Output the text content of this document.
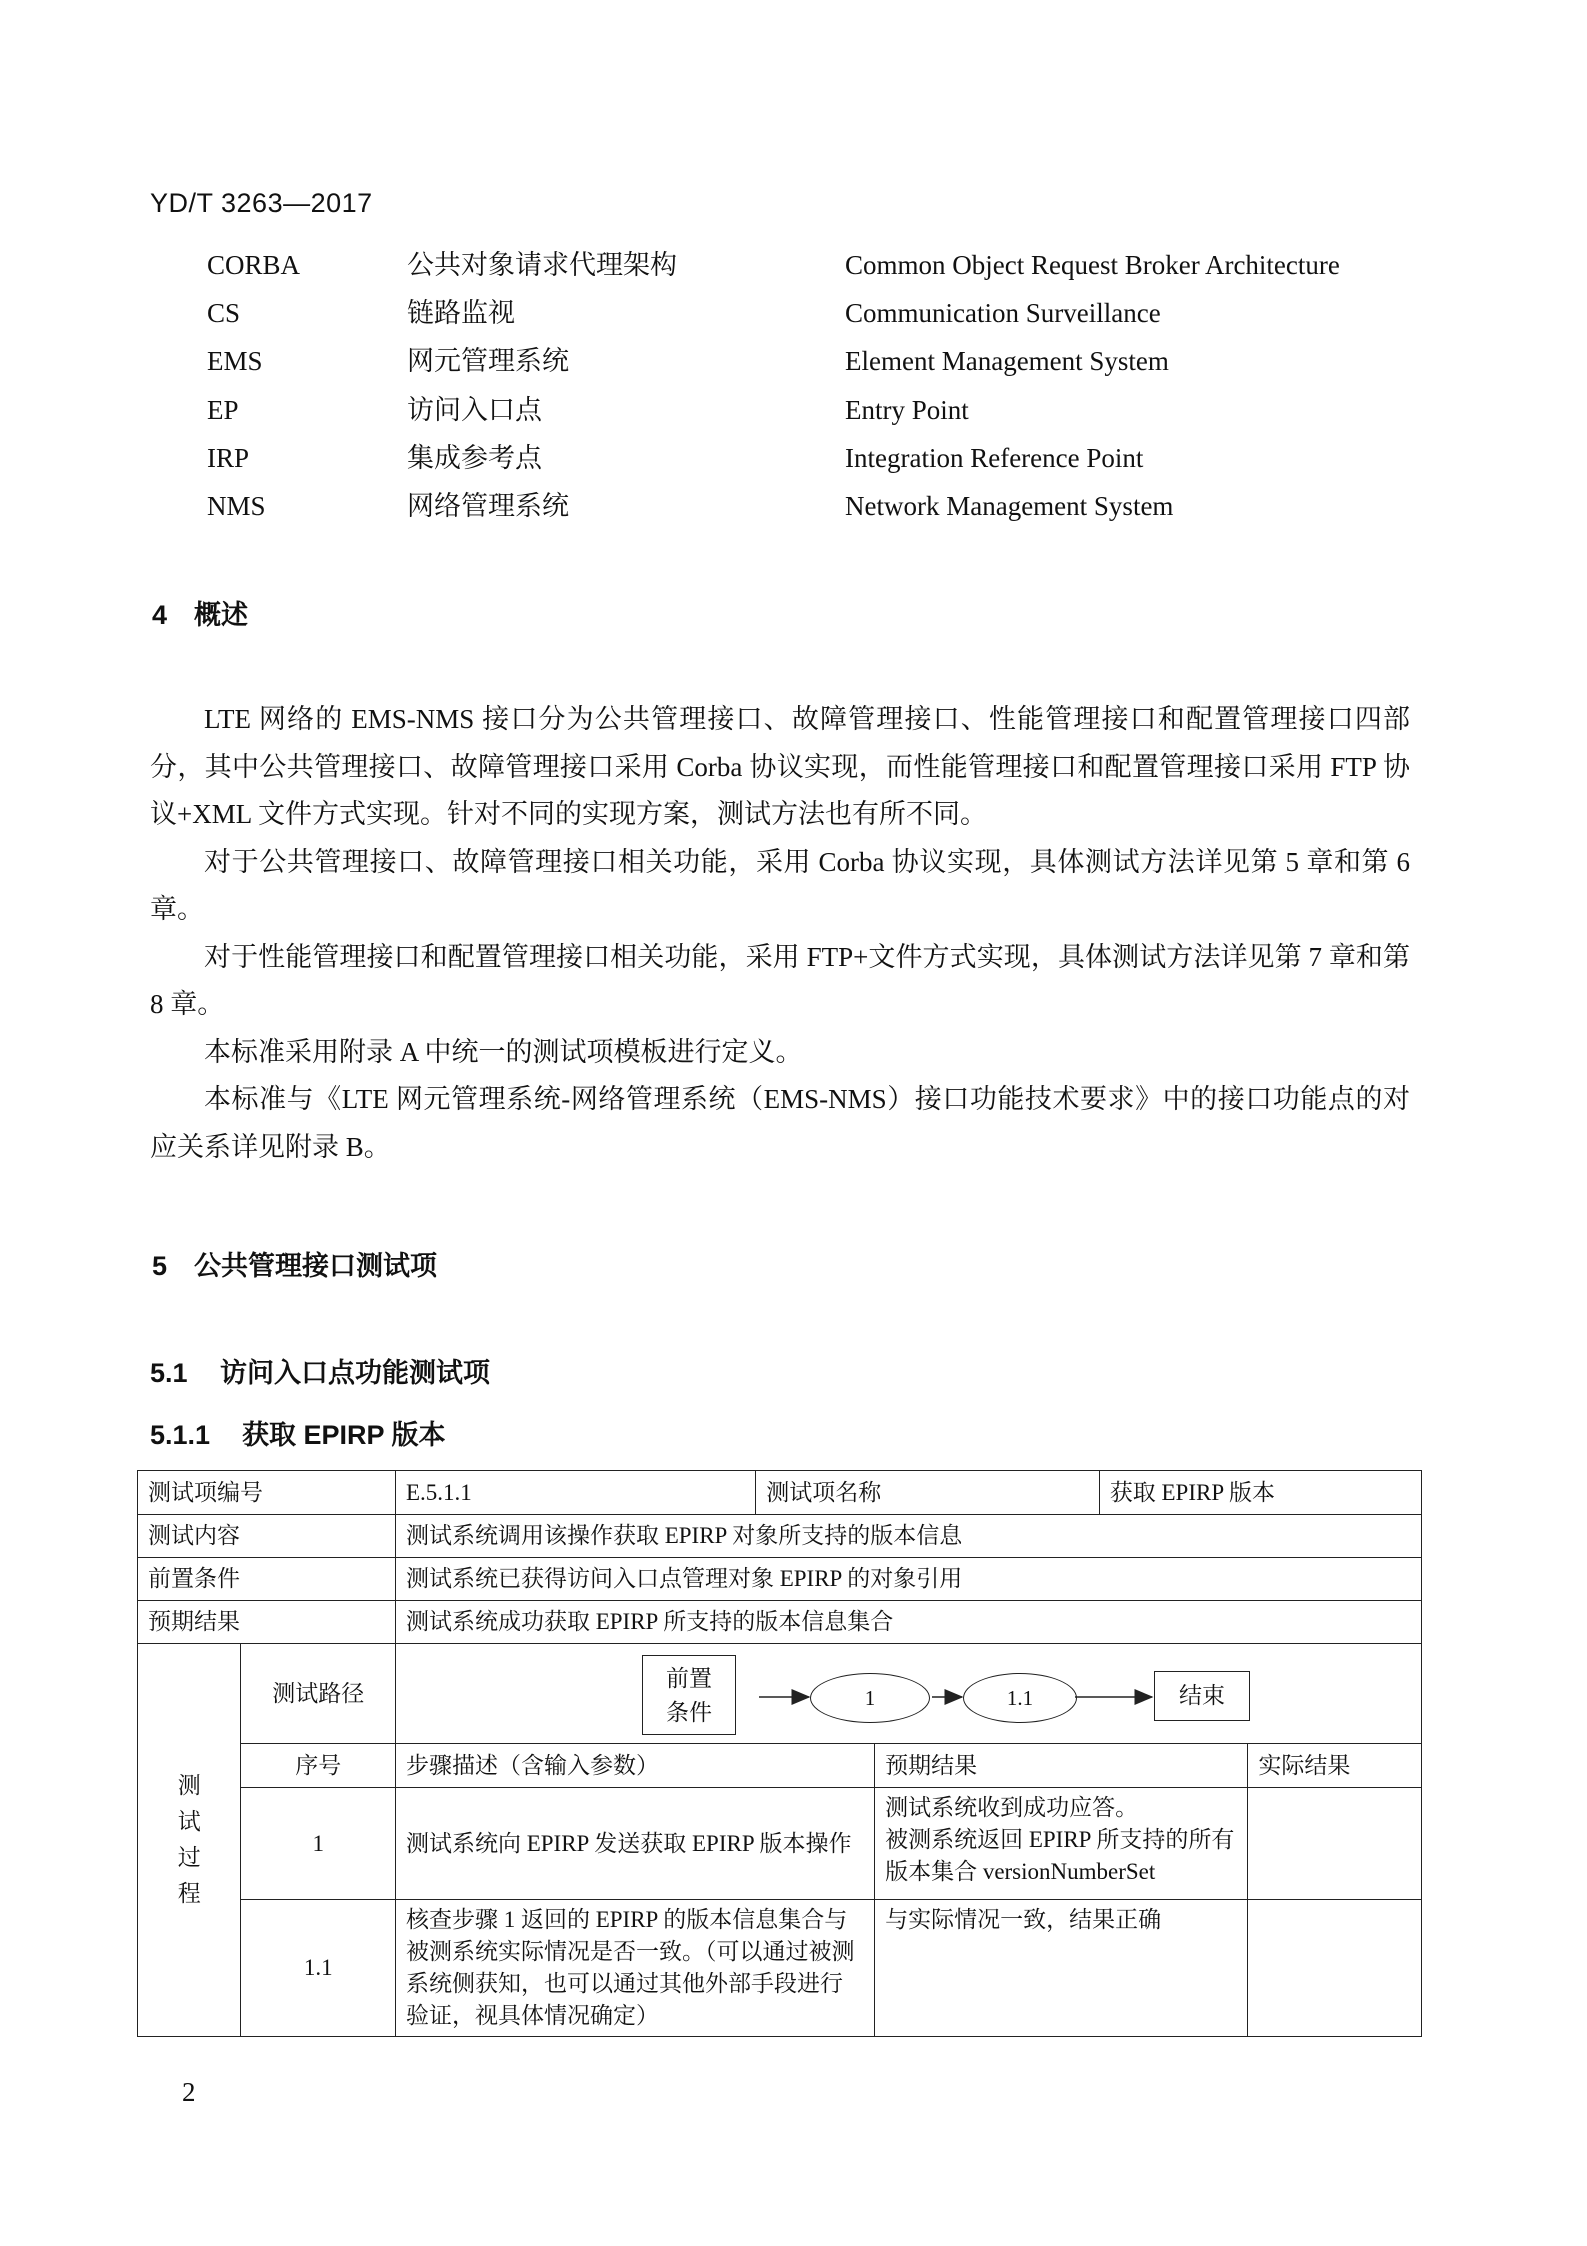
YD/T 3263—2017
CORBA	公共对象请求代理架构	Common Object Request Broker Architecture
CS	链路监视	Communication Surveillance
EMS	网元管理系统	Element Management System
EP	访问入口点	Entry Point
IRP	集成参考点	Integration Reference Point
NMS	网络管理系统	Network Management System
4 概述

LTE 网络的 EMS-NMS 接口分为公共管理接口、故障管理接口、性能管理接口和配置管理接口四部分，其中公共管理接口、故障管理接口采用 Corba 协议实现，而性能管理接口和配置管理接口采用 FTP 协议+XML 文件方式实现。针对不同的实现方案，测试方法也有所不同。

对于公共管理接口、故障管理接口相关功能，采用 Corba 协议实现，具体测试方法详见第 5 章和第 6 章。

对于性能管理接口和配置管理接口相关功能，采用 FTP+文件方式实现，具体测试方法详见第 7 章和第 8 章。

本标准采用附录 A 中统一的测试项模板进行定义。

本标准与《LTE 网元管理系统-网络管理系统（EMS-NMS）接口功能技术要求》中的接口功能点的对应关系详见附录 B。

5 公共管理接口测试项
5.1 访问入口点功能测试项
5.1.1 获取 EPIRP 版本
测试项编号		E.5.1.1	测试项名称		获取 EPIRP 版本	
测试内容		测试系统调用该操作获取 EPIRP 对象所支持的版本信息				
前置条件		测试系统已获得访问入口点管理对象 EPIRP 的对象引用				
预期结果		测试系统成功获取 EPIRP 所支持的版本信息集合				

测试过程	测试路径	前置条件
1 1.1 结束				

	序号	步骤描述（含输入参数）		预期结果		实际结果
	1	测试系统向 EPIRP 发送获取 EPIRP 版本操作		测试系统收到成功应答。
被测系统返回 EPIRP 所支持的所有版本集合 versionNumberSet		
	1.1	核查步骤 1 返回的 EPIRP 的版本信息集合与被测系统实际情况是否一致。（可以通过被测系统侧获知，也可以通过其他外部手段进行验证，视具体情况确定）		与实际情况一致，结果正确		
2
